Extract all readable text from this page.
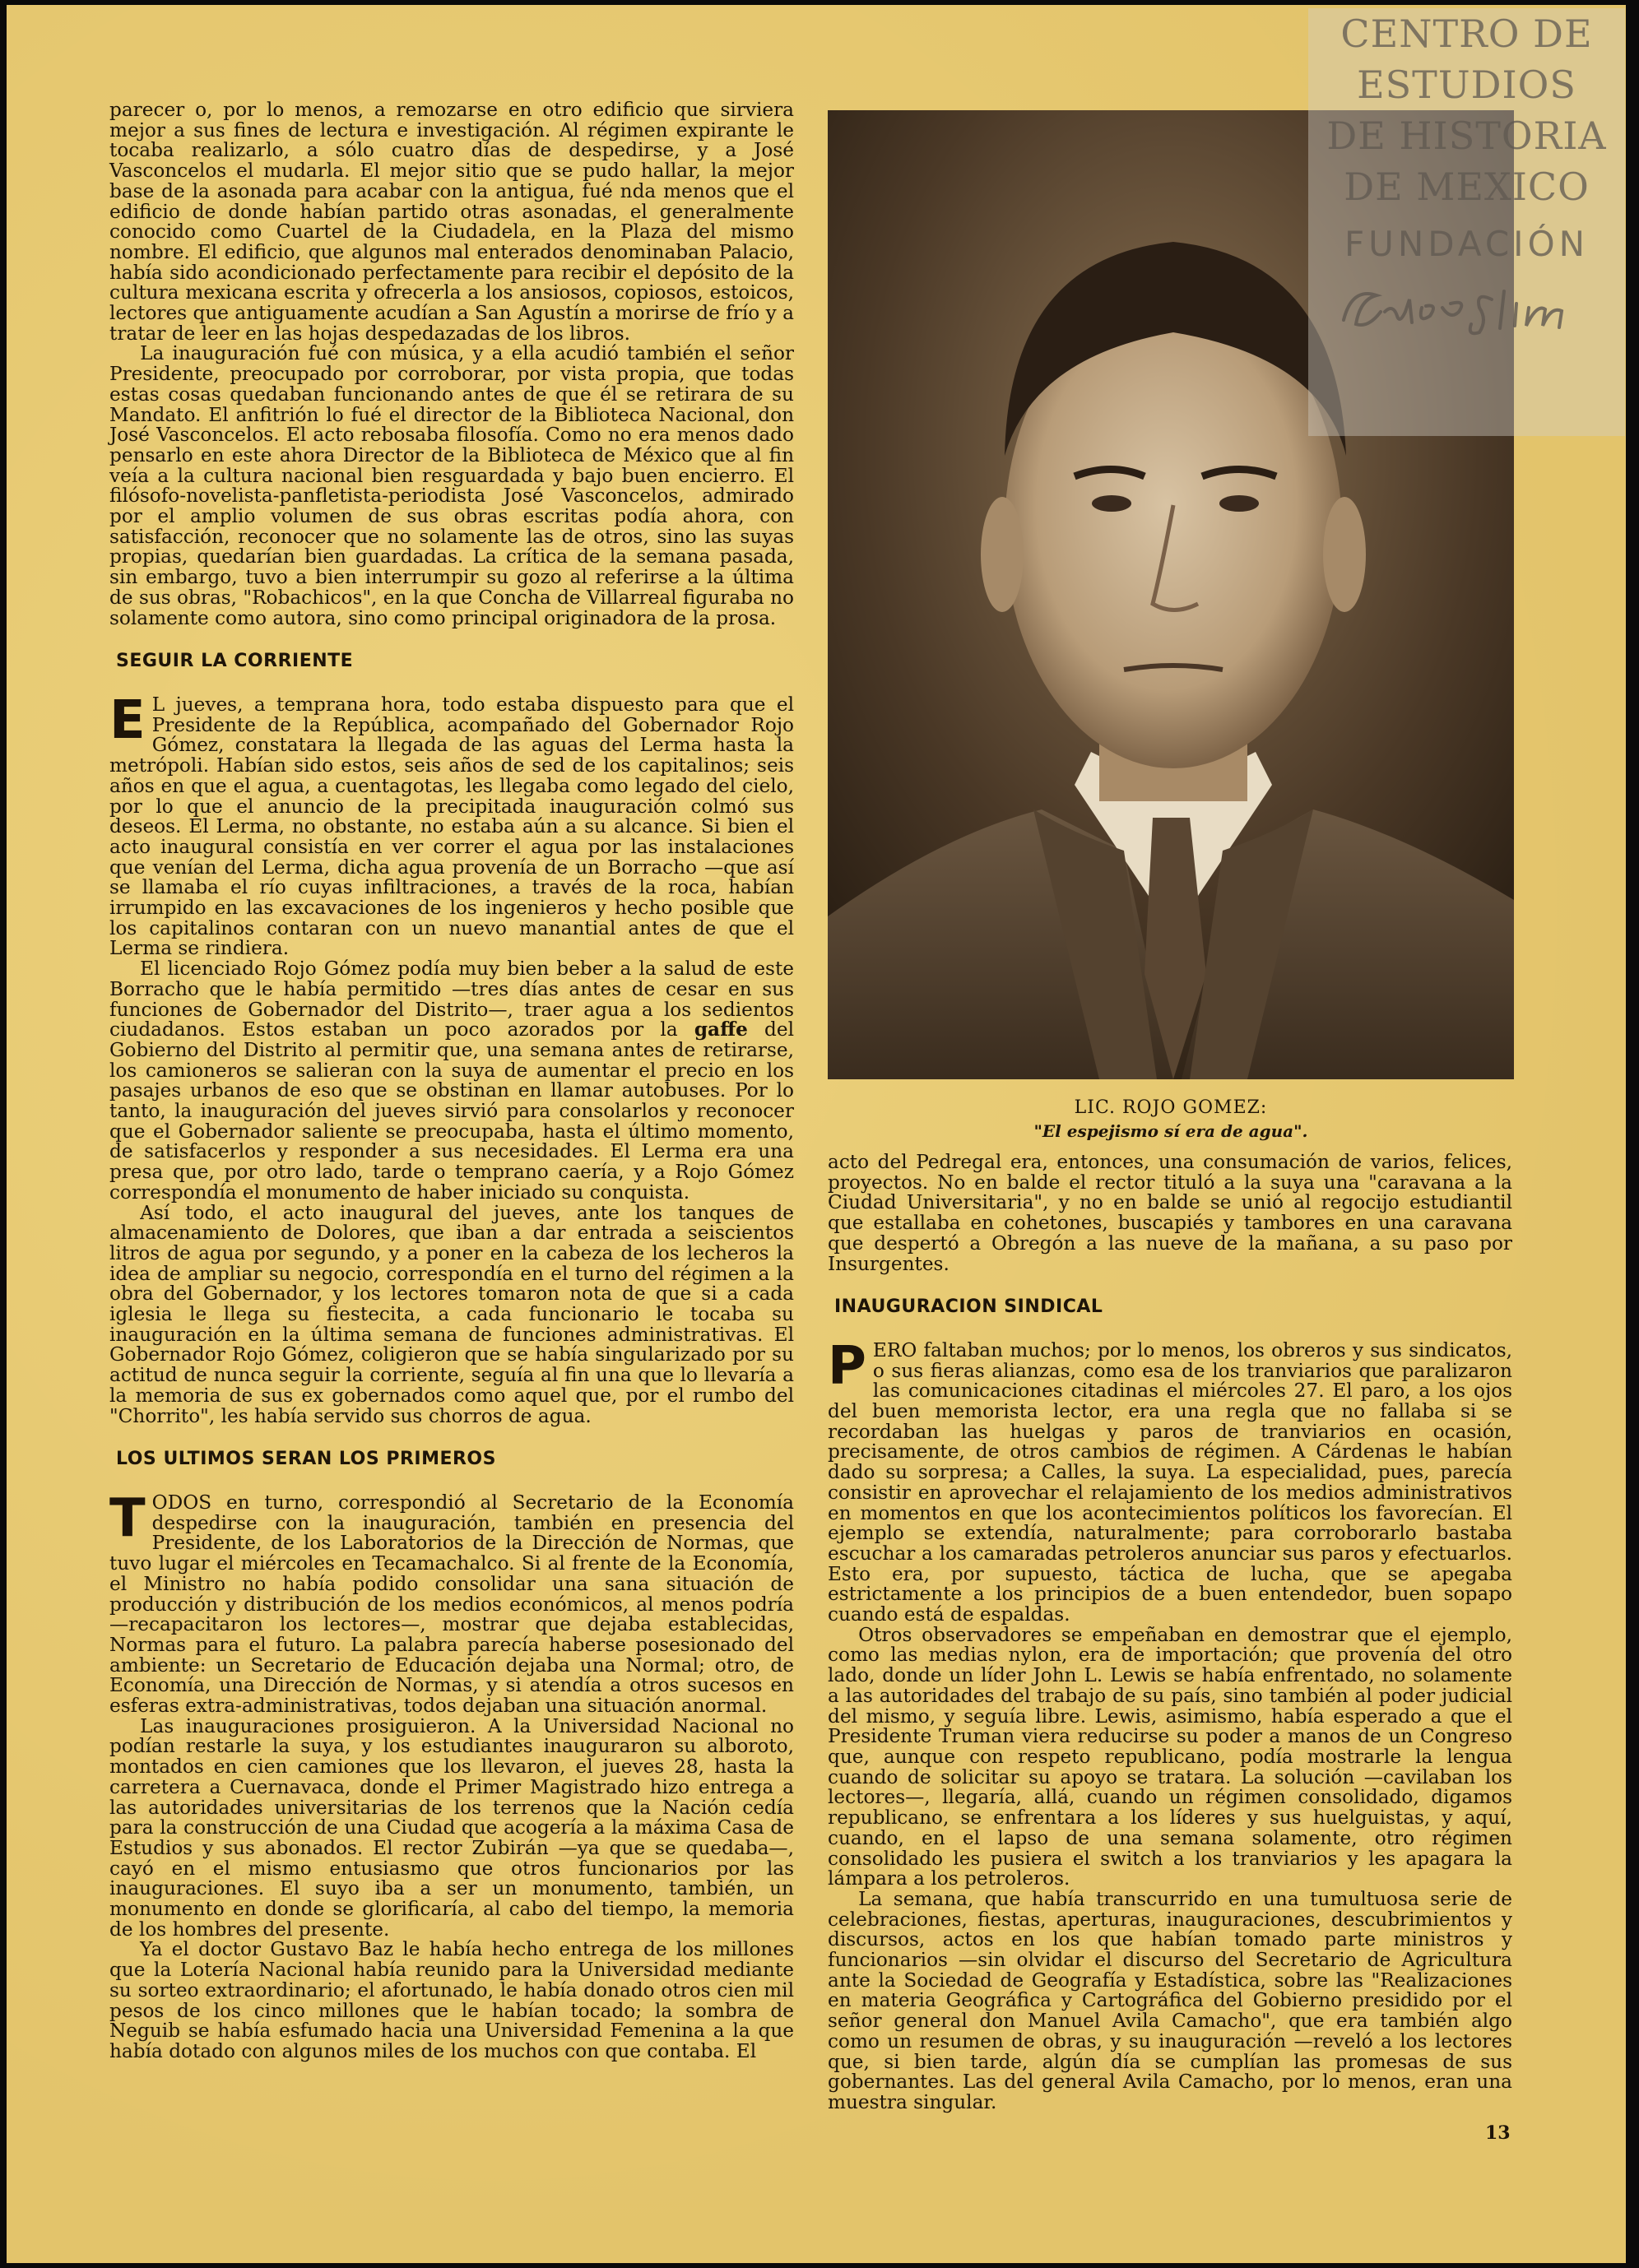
parecer o, por lo menos, a remozarse en otro edificio que sirviera mejor a sus fines de lectura e investigación. Al régimen expirante le tocaba realizarlo, a sólo cuatro días de despedirse, y a José Vasconcelos el mudarla. El mejor sitio que se pudo hallar, la mejor base de la asonada para acabar con la antigua, fué nda menos que el edificio de donde habían partido otras asonadas, el generalmente conocido como Cuartel de la Ciudadela, en la Plaza del mismo nombre. El edificio, que algunos mal enterados denominaban Palacio, había sido acondicionado perfectamente para recibir el depósito de la cultura mexicana escrita y ofrecerla a los ansiosos, copiosos, estoicos, lectores que antiguamente acudían a San Agustín a morirse de frío y a tratar de leer en las hojas despedazadas de los libros.

La inauguración fué con música, y a ella acudió también el señor Presidente, preocupado por corroborar, por vista propia, que todas estas cosas quedaban funcionando antes de que él se retirara de su Mandato. El anfitrión lo fué el director de la Biblioteca Nacional, don José Vasconcelos. El acto rebosaba filosofía. Como no era menos dado pensarlo en este ahora Director de la Biblioteca de México que al fin veía a la cultura nacional bien resguardada y bajo buen encierro. El filósofo-novelista-panfletista-periodista José Vasconcelos, admirado por el amplio volumen de sus obras escritas podía ahora, con satisfacción, reconocer que no solamente las de otros, sino las suyas propias, quedarían bien guardadas. La crítica de la semana pasada, sin embargo, tuvo a bien interrumpir su gozo al referirse a la última de sus obras, "Robachicos", en la que Concha de Villarreal figuraba no solamente como autora, sino como principal originadora de la prosa.

SEGUIR LA CORRIENTE

E L jueves, a temprana hora, todo estaba dispuesto para que el Presidente de la República, acompañado del Gobernador Rojo Gómez, constatara la llegada de las aguas del Lerma hasta la metrópoli. Habían sido estos, seis años de sed de los capitalinos; seis años en que el agua, a cuentagotas, les llegaba como legado del cielo, por lo que el anuncio de la precipitada inauguración colmó sus deseos. El Lerma, no obstante, no estaba aún a su alcance. Si bien el acto inaugural consistía en ver correr el agua por las instalaciones que venían del Lerma, dicha agua provenía de un Borracho —que así se llamaba el río cuyas infiltraciones, a través de la roca, habían irrumpido en las excavaciones de los ingenieros y hecho posible que los capitalinos contaran con un nuevo manantial antes de que el Lerma se rindiera.

El licenciado Rojo Gómez podía muy bien beber a la salud de este Borracho que le había permitido —tres días antes de cesar en sus funciones de Gobernador del Distrito—, traer agua a los sedientos ciudadanos. Estos estaban un poco azorados por la gaffe del Gobierno del Distrito al permitir que, una semana antes de retirarse, los camioneros se salieran con la suya de aumentar el precio en los pasajes urbanos de eso que se obstinan en llamar autobuses. Por lo tanto, la inauguración del jueves sirvió para consolarlos y reconocer que el Gobernador saliente se preocupaba, hasta el último momento, de satisfacerlos y responder a sus necesidades. El Lerma era una presa que, por otro lado, tarde o temprano caería, y a Rojo Gómez correspondía el monumento de haber iniciado su conquista.

Así todo, el acto inaugural del jueves, ante los tanques de almacenamiento de Dolores, que iban a dar entrada a seiscientos litros de agua por segundo, y a poner en la cabeza de los lecheros la idea de ampliar su negocio, correspondía en el turno del régimen a la obra del Gobernador, y los lectores tomaron nota de que si a cada iglesia le llega su fiestecita, a cada funcionario le tocaba su inauguración en la última semana de funciones administrativas. El Gobernador Rojo Gómez, coligieron que se había singularizado por su actitud de nunca seguir la corriente, seguía al fin una que lo llevaría a la memoria de sus ex gobernados como aquel que, por el rumbo del "Chorrito", les había servido sus chorros de agua.

LOS ULTIMOS SERAN LOS PRIMEROS

TODOS en turno, correspondió al Secretario de la Economía despedirse con la inauguración, también en presencia del Presidente, de los Laboratorios de la Dirección de Normas, que tuvo lugar el miércoles en Tecamachalco. Si al frente de la Economía, el Ministro no había podido consolidar una sana situación de producción y distribución de los medios económicos, al menos podría —recapacitaron los lectores—, mostrar que dejaba establecidas, Normas para el futuro. La palabra parecía haberse posesionado del ambiente: un Secretario de Educación dejaba una Normal; otro, de Economía, una Dirección de Normas, y si atendía a otros sucesos en esferas extra-administrativas, todos dejaban una situación anormal.

Las inauguraciones prosiguieron. A la Universidad Nacional no podían restarle la suya, y los estudiantes inauguraron su alboroto, montados en cien camiones que los llevaron, el jueves 28, hasta la carretera a Cuernavaca, donde el Primer Magistrado hizo entrega a las autoridades universitarias de los terrenos que la Nación cedía para la construcción de una Ciudad que acogería a la máxima Casa de Estudios y sus abonados. El rector Zubirán —ya que se quedaba—, cayó en el mismo entusiasmo que otros funcionarios por las inauguraciones. El suyo iba a ser un monumento, también, un monumento en donde se glorificaría, al cabo del tiempo, la memoria de los hombres del presente.

Ya el doctor Gustavo Baz le había hecho entrega de los millones que la Lotería Nacional había reunido para la Universidad mediante su sorteo extraordinario; el afortunado, le había donado otros cien mil pesos de los cinco millones que le habían tocado; la sombra de Neguib se había esfumado hacia una Universidad Femenina a la que había dotado con algunos miles de los muchos con que contaba. El

LIC. ROJO GOMEZ:
"El espejismo sí era de agua".

acto del Pedregal era, entonces, una consumación de varios, felices, proyectos. No en balde el rector tituló a la suya una "caravana a la Ciudad Universitaria", y no en balde se unió al regocijo estudiantil que estallaba en cohetones, buscapiés y tambores en una caravana que despertó a Obregón a las nueve de la mañana, a su paso por Insurgentes.

INAUGURACION SINDICAL

PERO faltaban muchos; por lo menos, los obreros y sus sindicatos, o sus fieras alianzas, como esa de los tranviarios que paralizaron las comunicaciones citadinas el miércoles 27. El paro, a los ojos del buen memorista lector, era una regla que no fallaba si se recordaban las huelgas y paros de tranviarios en ocasión, precisamente, de otros cambios de régimen. A Cárdenas le habían dado su sorpresa; a Calles, la suya. La especialidad, pues, parecía consistir en aprovechar el relajamiento de los medios administrativos en momentos en que los acontecimientos políticos los favorecían. El ejemplo se extendía, naturalmente; para corroborarlo bastaba escuchar a los camaradas petroleros anunciar sus paros y efectuarlos. Esto era, por supuesto, táctica de lucha, que se apegaba estrictamente a los principios de a buen entendedor, buen sopapo cuando está de espaldas.

Otros observadores se empeñaban en demostrar que el ejemplo, como las medias nylon, era de importación; que provenía del otro lado, donde un líder John L. Lewis se había enfrentado, no solamente a las autoridades del trabajo de su país, sino también al poder judicial del mismo, y seguía libre. Lewis, asimismo, había esperado a que el Presidente Truman viera reducirse su poder a manos de un Congreso que, aunque con respeto republicano, podía mostrarle la lengua cuando de solicitar su apoyo se tratara. La solución —cavilaban los lectores—, llegaría, allá, cuando un régimen consolidado, digamos republicano, se enfrentara a los líderes y sus huelguistas, y aquí, cuando, en el lapso de una semana solamente, otro régimen consolidado les pusiera el switch a los tranviarios y les apagara la lámpara a los petroleros.

La semana, que había transcurrido en una tumultuosa serie de celebraciones, fiestas, aperturas, inauguraciones, descubrimientos y discursos, actos en los que habían tomado parte ministros y funcionarios —sin olvidar el discurso del Secretario de Agricultura ante la Sociedad de Geografía y Estadística, sobre las "Realizaciones en materia Geográfica y Cartográfica del Gobierno presidido por el señor general don Manuel Avila Camacho", que era también algo como un resumen de obras, y su inauguración —reveló a los lectores que, si bien tarde, algún día se cumplían las promesas de sus gobernantes. Las del general Avila Camacho, por lo menos, eran una muestra singular.

13
CENTRO DE
ESTUDIOS
DE HISTORIA
DE MEXICO
FUNDACIÓN
